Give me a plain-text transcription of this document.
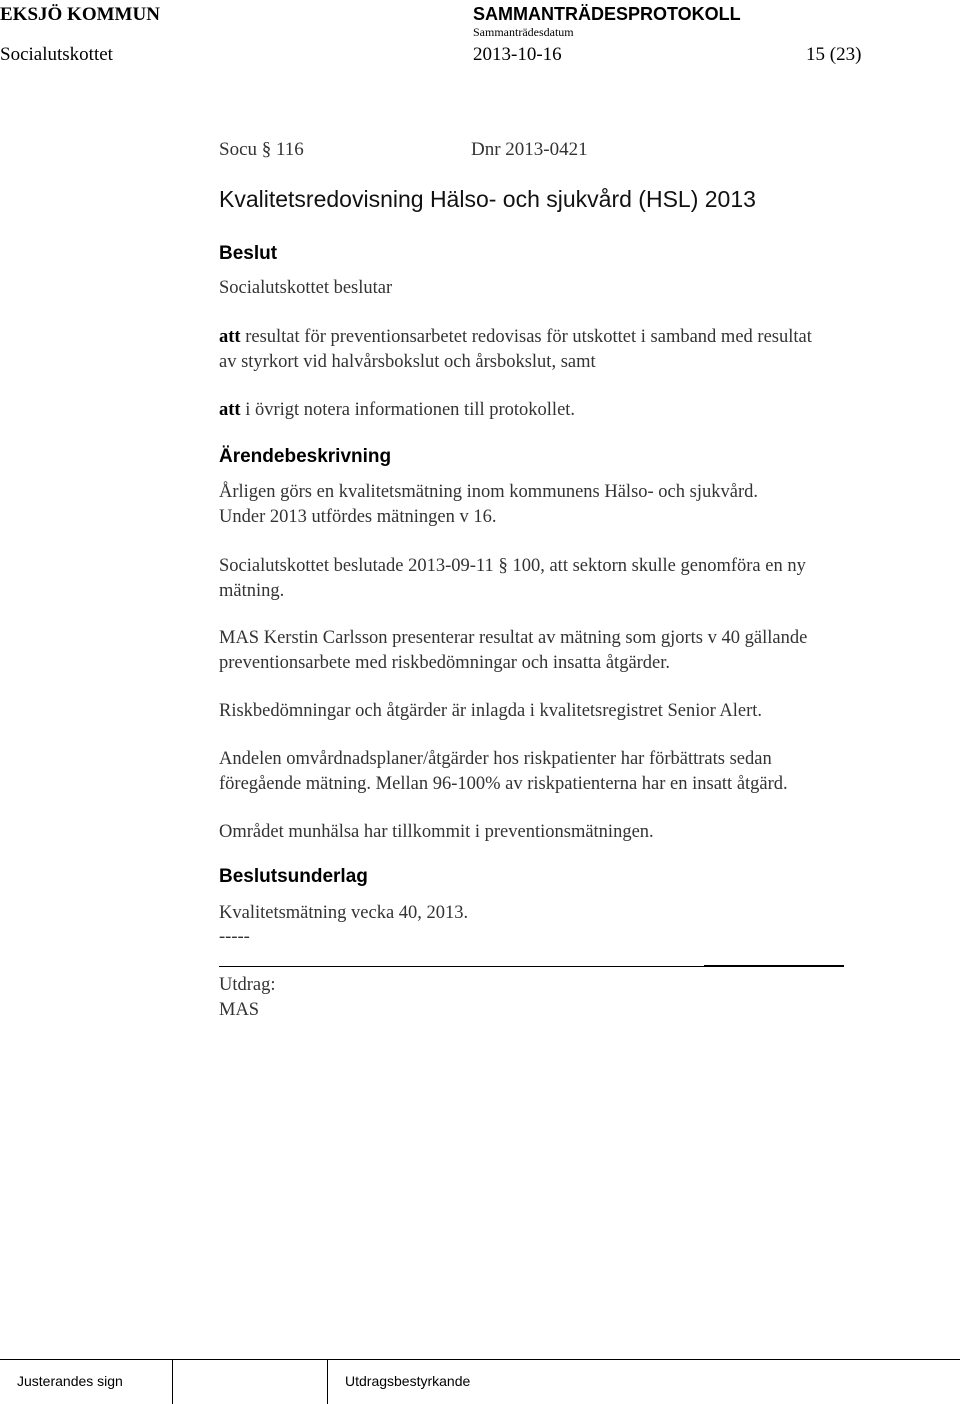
EKSJÖ KOMMUN	SAMMANTRÄDESPROTOKOLL
Sammanträdesdatum
Socialutskottet	2013-10-16	15 (23)
Socu § 116	Dnr 2013-0421
Kvalitetsredovisning Hälso- och sjukvård (HSL) 2013
Beslut
Socialutskottet beslutar
att resultat för preventionsarbetet redovisas för utskottet i samband med resultat
av styrkort vid halvårsbokslut och årsbokslut, samt
att i övrigt notera informationen till protokollet.
Ärendebeskrivning
Årligen görs en kvalitetsmätning inom kommunens Hälso- och sjukvård.
Under 2013 utfördes mätningen v 16.
Socialutskottet beslutade 2013-09-11 § 100, att sektorn skulle genomföra en ny
mätning.
MAS Kerstin Carlsson presenterar resultat av mätning som gjorts v 40 gällande
preventionsarbete med riskbedömningar och insatta åtgärder.
Riskbedömningar och åtgärder är inlagda i kvalitetsregistret Senior Alert.
Andelen omvårdnadsplaner/åtgärder hos riskpatienter har förbättrats sedan
föregående mätning. Mellan 96-100% av riskpatienterna har en insatt åtgärd.
Området munhälsa har tillkommit i preventionsmätningen.
Beslutsunderlag
Kvalitetsmätning vecka 40, 2013.
-----
Utdrag:
MAS
Justerandes sign	Utdragsbestyrkande
